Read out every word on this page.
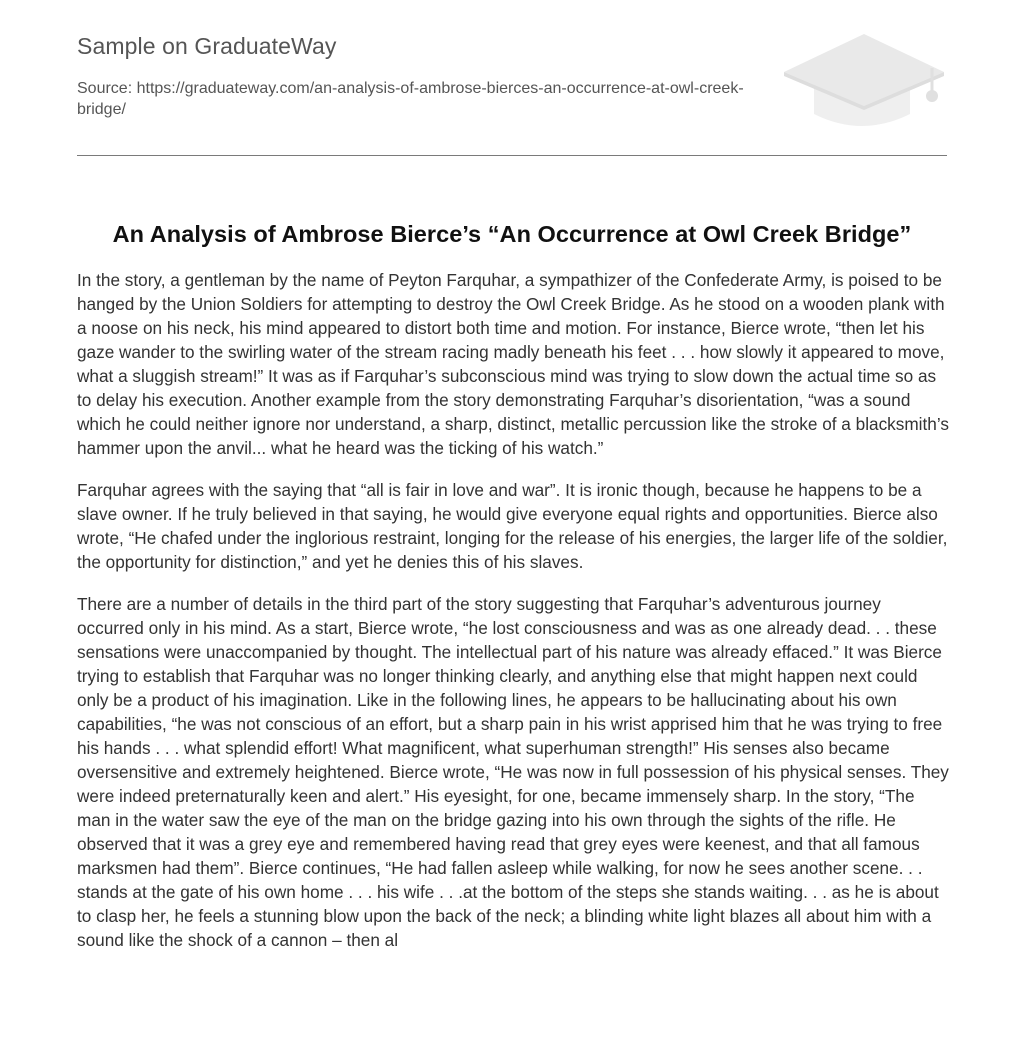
Sample on GraduateWay
Source: https://graduateway.com/an-analysis-of-ambrose-bierces-an-occurrence-at-owl-creek-bridge/
An Analysis of Ambrose Bierce’s “An Occurrence at Owl Creek Bridge”

In the story, a gentleman by the name of Peyton Farquhar, a sympathizer of the Confederate Army, is poised to be hanged by the Union Soldiers for attempting to destroy the Owl Creek Bridge. As he stood on a wooden plank with a noose on his neck, his mind appeared to distort both time and motion. For instance, Bierce wrote, “then let his gaze wander to the swirling water of the stream racing madly beneath his feet . . . how slowly it appeared to move, what a sluggish stream!” It was as if Farquhar’s subconscious mind was trying to slow down the actual time so as to delay his execution. Another example from the story demonstrating Farquhar’s disorientation, “was a sound which he could neither ignore nor understand, a sharp, distinct, metallic percussion like the stroke of a blacksmith’s hammer upon the anvil... what he heard was the ticking of his watch.”

Farquhar agrees with the saying that “all is fair in love and war”. It is ironic though, because he happens to be a slave owner. If he truly believed in that saying, he would give everyone equal rights and opportunities. Bierce also wrote, “He chafed under the inglorious restraint, longing for the release of his energies, the larger life of the soldier, the opportunity for distinction,” and yet he denies this of his slaves.

There are a number of details in the third part of the story suggesting that Farquhar’s adventurous journey occurred only in his mind. As a start, Bierce wrote, “he lost consciousness and was as one already dead. . . these sensations were unaccompanied by thought. The intellectual part of his nature was already effaced.” It was Bierce trying to establish that Farquhar was no longer thinking clearly, and anything else that might happen next could only be a product of his imagination. Like in the following lines, he appears to be hallucinating about his own capabilities, “he was not conscious of an effort, but a sharp pain in his wrist apprised him that he was trying to free his hands . . . what splendid effort! What magnificent, what superhuman strength!” His senses also became oversensitive and extremely heightened. Bierce wrote, “He was now in full possession of his physical senses. They were indeed preternaturally keen and alert.” His eyesight, for one, became immensely sharp. In the story, “The man in the water saw the eye of the man on the bridge gazing into his own through the sights of the rifle. He observed that it was a grey eye and remembered having read that grey eyes were keenest, and that all famous marksmen had them”. Bierce continues, “He had fallen asleep while walking, for now he sees another scene. . . stands at the gate of his own home . . . his wife . . .at the bottom of the steps she stands waiting. . . as he is about to clasp her, he feels a stunning blow upon the back of the neck; a blinding white light blazes all about him with a sound like the shock of a cannon – then al
